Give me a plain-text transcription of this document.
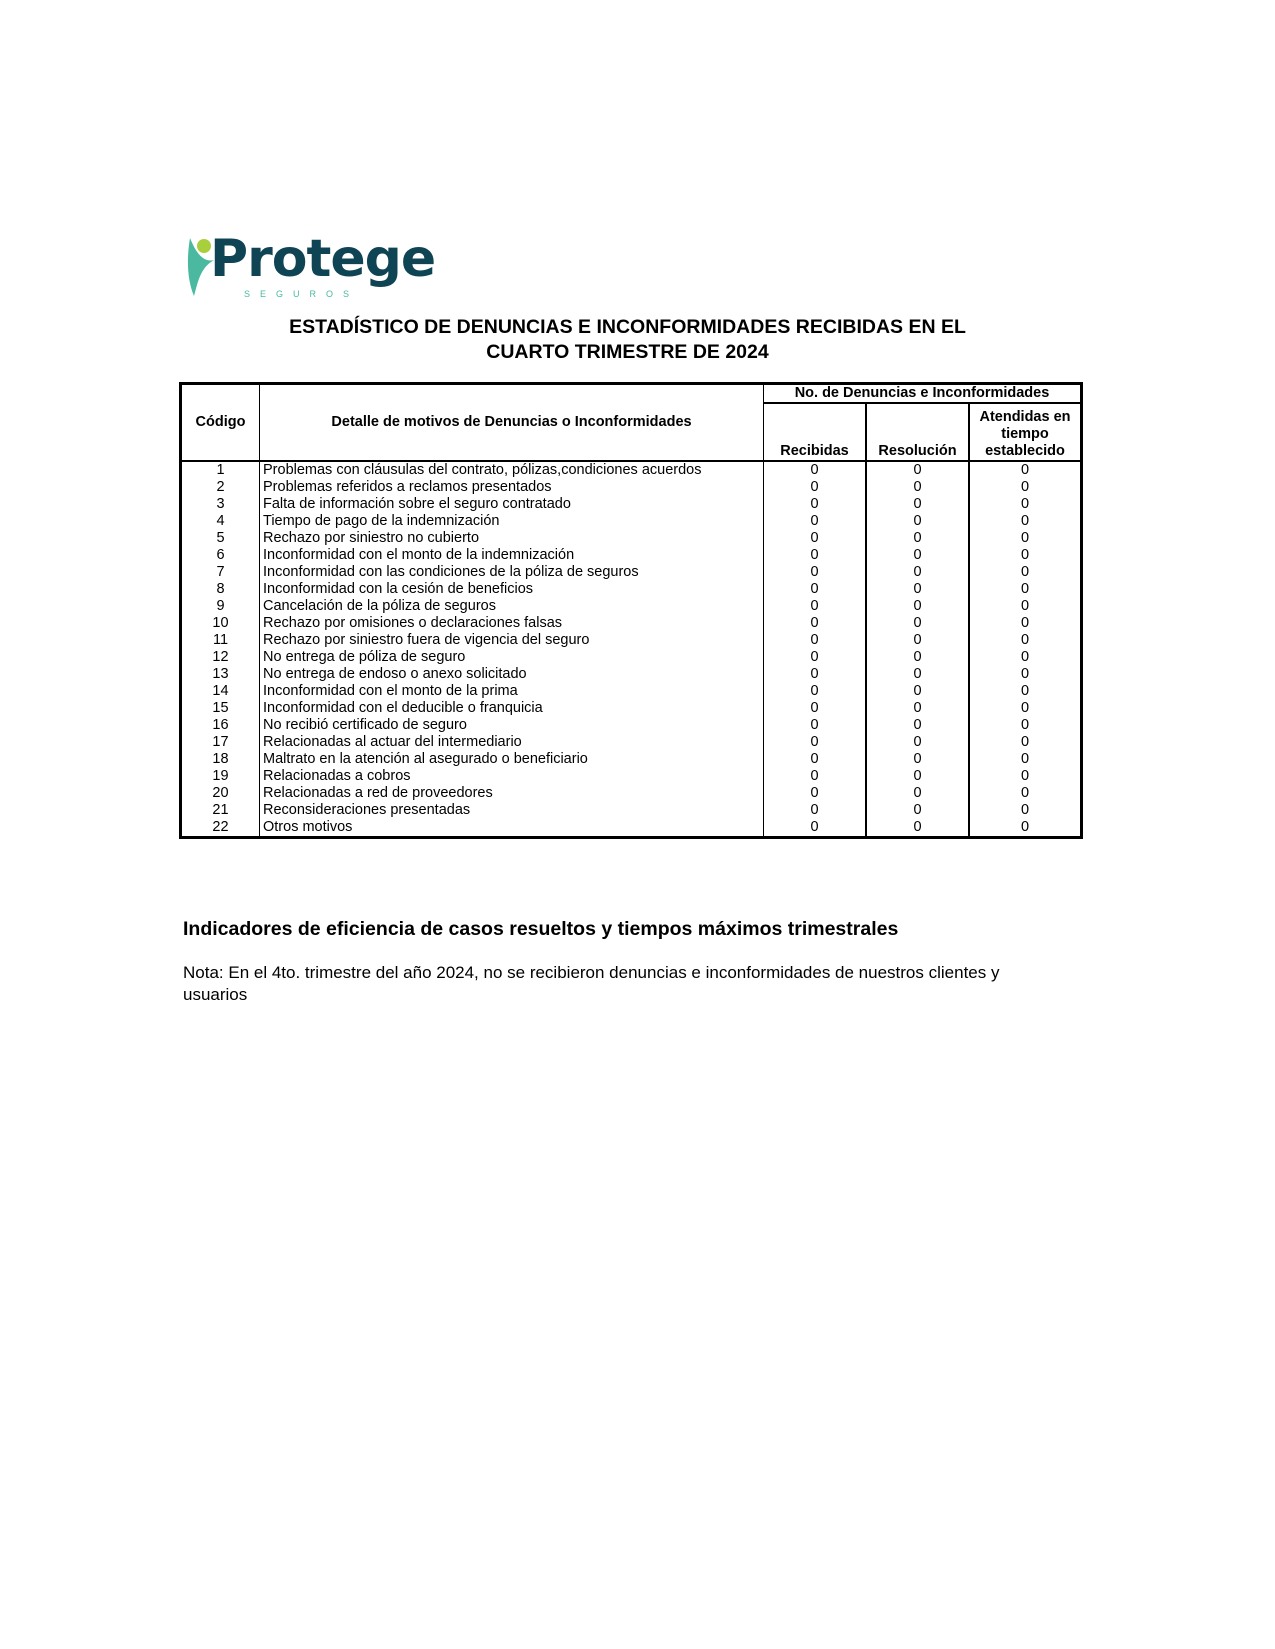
Protege
SEGUROS
ESTADÍSTICO DE DENUNCIAS E INCONFORMIDADES RECIBIDAS EN EL
CUARTO TRIMESTRE DE 2024
Código	Detalle de motivos de Denuncias o Inconformidades	No. de Denuncias e Inconformidades		
		Recibidas	Resolución	Atendidas en
tiempo
establecido

1	Problemas con cláusulas del contrato, pólizas,condiciones acuerdos	0	0	0
2	Problemas referidos a reclamos presentados	0	0	0
3	Falta de información sobre el seguro contratado	0	0	0
4	Tiempo de pago de la indemnización	0	0	0
5	Rechazo por siniestro no cubierto	0	0	0
6	Inconformidad con el monto de la indemnización	0	0	0
7	Inconformidad con las condiciones de la póliza de seguros	0	0	0
8	Inconformidad con la cesión de beneficios	0	0	0
9	Cancelación de la póliza de seguros	0	0	0
10	Rechazo por omisiones o declaraciones falsas	0	0	0
11	Rechazo por siniestro fuera de vigencia del seguro	0	0	0
12	No entrega de póliza de seguro	0	0	0
13	No entrega de endoso o anexo solicitado	0	0	0
14	Inconformidad con el monto de la prima	0	0	0
15	Inconformidad con el deducible o franquicia	0	0	0
16	No recibió certificado de seguro	0	0	0
17	Relacionadas al actuar del intermediario	0	0	0
18	Maltrato en la atención al asegurado o beneficiario	0	0	0
19	Relacionadas a cobros	0	0	0
20	Relacionadas a red de proveedores	0	0	0
21	Reconsideraciones presentadas	0	0	0
22	Otros motivos	0	0	0
Indicadores de eficiencia de casos resueltos y tiempos máximos trimestrales
Nota: En el 4to. trimestre del año 2024, no se recibieron denuncias e inconformidades de nuestros clientes y usuarios
